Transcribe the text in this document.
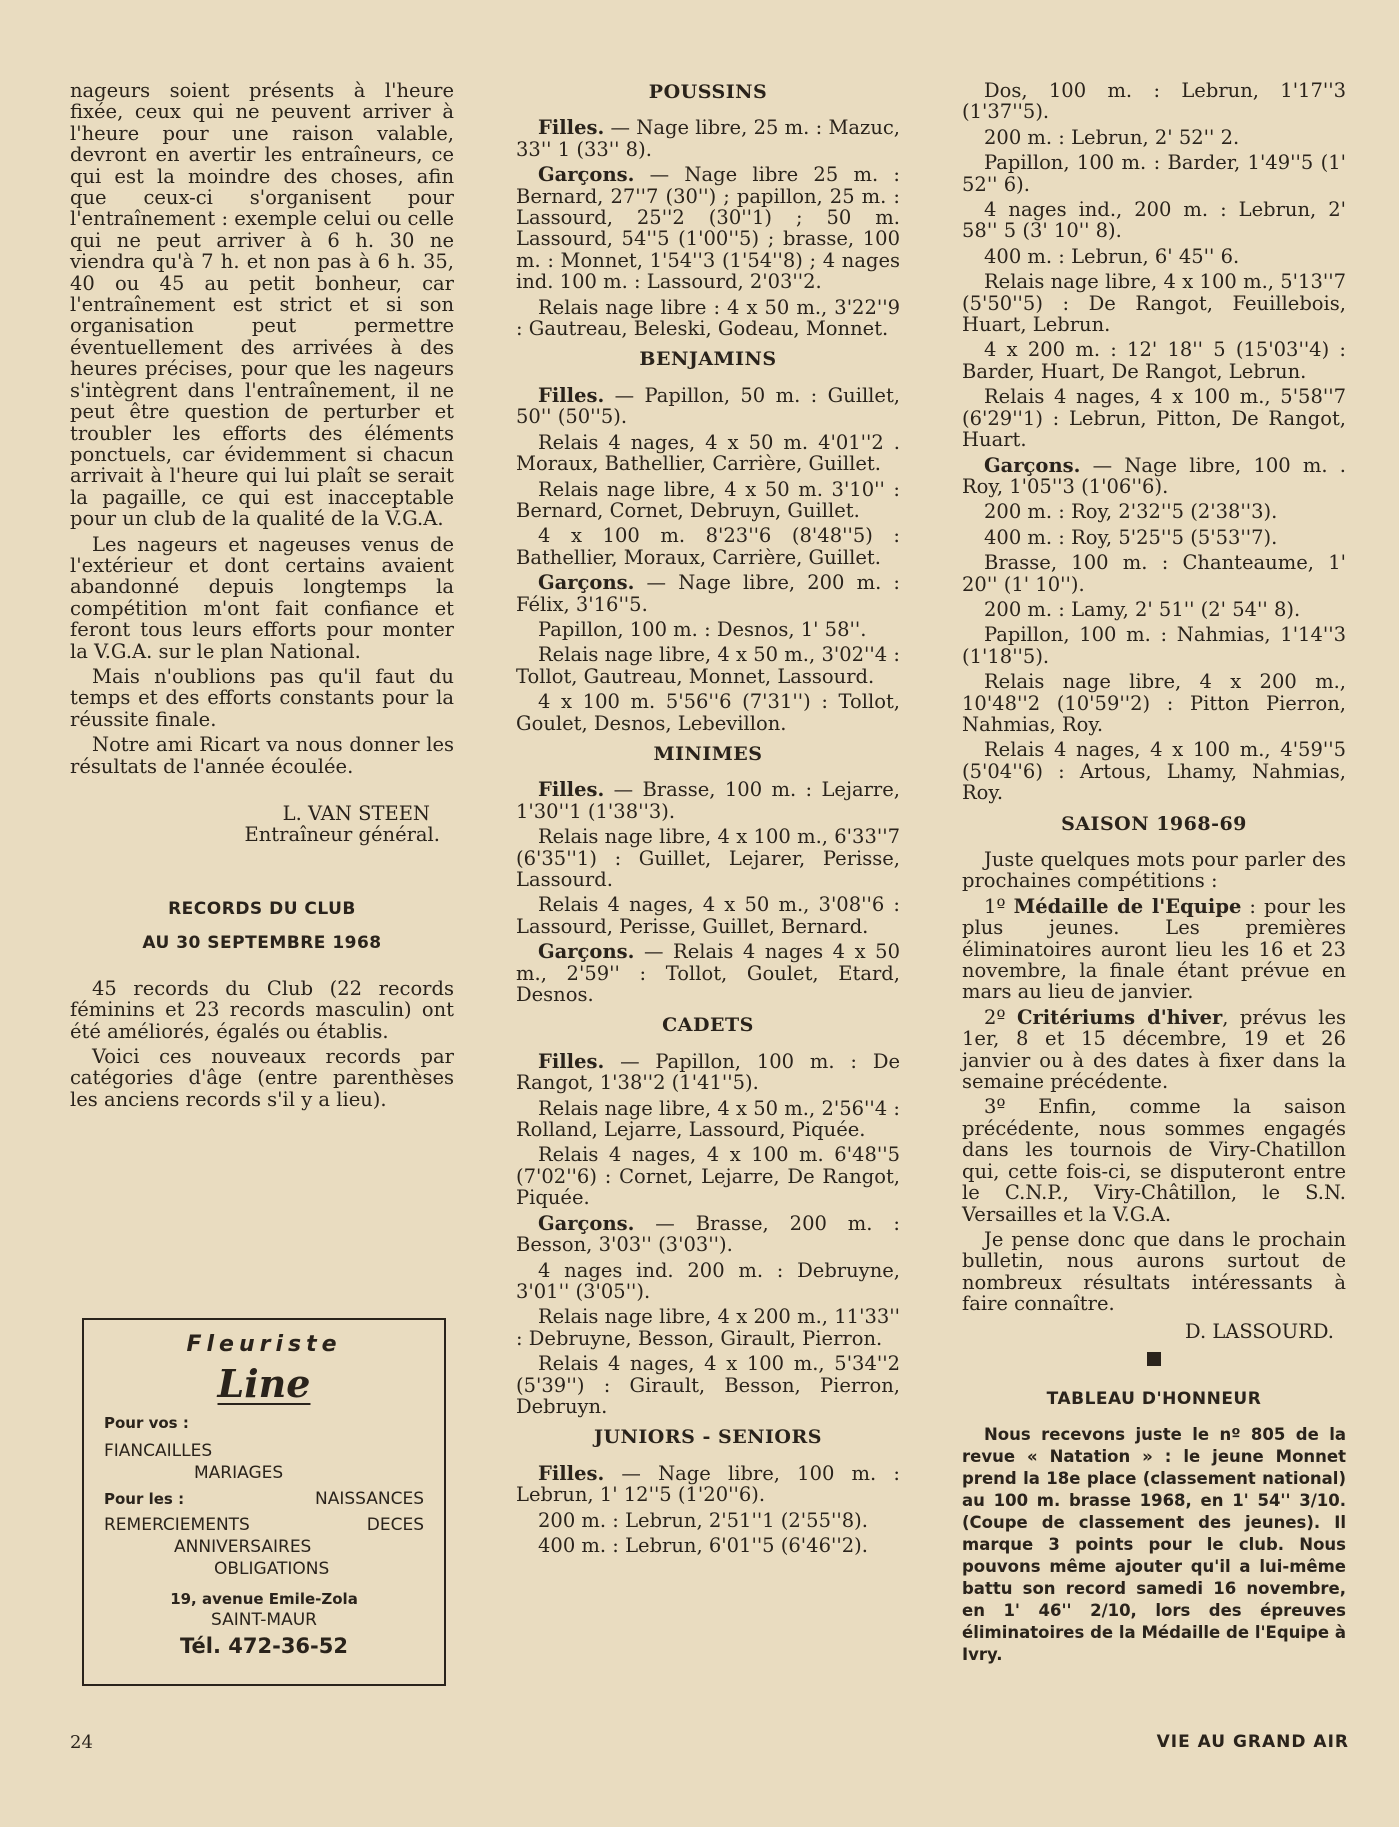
nageurs soient présents à l'heure fixée, ceux qui ne peuvent arriver à l'heure pour une raison valable, devront en avertir les entraîneurs, ce qui est la moindre des choses, afin que ceux-ci s'organisent pour l'entraînement : exemple celui ou celle qui ne peut arriver à 6 h. 30 ne viendra qu'à 7 h. et non pas à 6 h. 35, 40 ou 45 au petit bonheur, car l'entraînement est strict et si son organisation peut permettre éventuellement des arrivées à des heures précises, pour que les nageurs s'intègrent dans l'entraînement, il ne peut être question de perturber et troubler les efforts des éléments ponctuels, car évidemment si chacun arrivait à l'heure qui lui plaît se serait la pagaille, ce qui est inacceptable pour un club de la qualité de la V.G.A.

Les nageurs et nageuses venus de l'extérieur et dont certains avaient abandonné depuis longtemps la compétition m'ont fait confiance et feront tous leurs efforts pour monter la V.G.A. sur le plan National.

Mais n'oublions pas qu'il faut du temps et des efforts constants pour la réussite finale.

Notre ami Ricart va nous donner les résultats de l'année écoulée.

L. VAN STEEN
Entraîneur général.
RECORDS DU CLUB
AU 30 SEPTEMBRE 1968

45 records du Club (22 records féminins et 23 records masculin) ont été améliorés, égalés ou établis.

Voici ces nouveaux records par catégories d'âge (entre parenthèses les anciens records s'il y a lieu).

Fleuriste
Line
Pour vos :
FIANCAILLES
MARIAGES
Pour les :	NAISSANCES
REMERCIEMENTS	DECES
ANNIVERSAIRES
OBLIGATIONS
19, avenue Emile-Zola
SAINT-MAUR
Tél. 472-36-52
POUSSINS

Filles. — Nage libre, 25 m. : Mazuc, 33'' 1 (33'' 8).

Garçons. — Nage libre 25 m. : Bernard, 27''7 (30'') ; papillon, 25 m. : Lassourd, 25''2 (30''1) ; 50 m. Lassourd, 54''5 (1'00''5) ; brasse, 100 m. : Monnet, 1'54''3 (1'54''8) ; 4 nages ind. 100 m. : Lassourd, 2'03''2.

Relais nage libre : 4 x 50 m., 3'22''9 : Gautreau, Beleski, Godeau, Monnet.

BENJAMINS

Filles. — Papillon, 50 m. : Guillet, 50'' (50''5).

Relais 4 nages, 4 x 50 m. 4'01''2 . Moraux, Bathellier, Carrière, Guillet.

Relais nage libre, 4 x 50 m. 3'10'' : Bernard, Cornet, Debruyn, Guillet.

4 x 100 m. 8'23''6 (8'48''5) : Bathellier, Moraux, Carrière, Guillet.

Garçons. — Nage libre, 200 m. : Félix, 3'16''5.

Papillon, 100 m. : Desnos, 1' 58''.

Relais nage libre, 4 x 50 m., 3'02''4 : Tollot, Gautreau, Monnet, Lassourd.

4 x 100 m. 5'56''6 (7'31'') : Tollot, Goulet, Desnos, Lebevillon.

MINIMES

Filles. — Brasse, 100 m. : Lejarre, 1'30''1 (1'38''3).

Relais nage libre, 4 x 100 m., 6'33''7 (6'35''1) : Guillet, Lejarer, Perisse, Lassourd.

Relais 4 nages, 4 x 50 m., 3'08''6 : Lassourd, Perisse, Guillet, Bernard.

Garçons. — Relais 4 nages 4 x 50 m., 2'59'' : Tollot, Goulet, Etard, Desnos.

CADETS

Filles. — Papillon, 100 m. : De Rangot, 1'38''2 (1'41''5).

Relais nage libre, 4 x 50 m., 2'56''4 : Rolland, Lejarre, Lassourd, Piquée.

Relais 4 nages, 4 x 100 m. 6'48''5 (7'02''6) : Cornet, Lejarre, De Rangot, Piquée.

Garçons. — Brasse, 200 m. : Besson, 3'03'' (3'03'').

4 nages ind. 200 m. : Debruyne, 3'01'' (3'05'').

Relais nage libre, 4 x 200 m., 11'33'' : Debruyne, Besson, Girault, Pierron.

Relais 4 nages, 4 x 100 m., 5'34''2 (5'39'') : Girault, Besson, Pierron, Debruyn.

JUNIORS - SENIORS

Filles. — Nage libre, 100 m. : Lebrun, 1' 12''5 (1'20''6).

200 m. : Lebrun, 2'51''1 (2'55''8).

400 m. : Lebrun, 6'01''5 (6'46''2).

Dos, 100 m. : Lebrun, 1'17''3 (1'37''5).

200 m. : Lebrun, 2' 52'' 2.

Papillon, 100 m. : Barder, 1'49''5 (1' 52'' 6).

4 nages ind., 200 m. : Lebrun, 2' 58'' 5 (3' 10'' 8).

400 m. : Lebrun, 6' 45'' 6.

Relais nage libre, 4 x 100 m., 5'13''7 (5'50''5) : De Rangot, Feuillebois, Huart, Lebrun.

4 x 200 m. : 12' 18'' 5 (15'03''4) : Barder, Huart, De Rangot, Lebrun.

Relais 4 nages, 4 x 100 m., 5'58''7 (6'29''1) : Lebrun, Pitton, De Rangot, Huart.

Garçons. — Nage libre, 100 m. . Roy, 1'05''3 (1'06''6).

200 m. : Roy, 2'32''5 (2'38''3).

400 m. : Roy, 5'25''5 (5'53''7).

Brasse, 100 m. : Chanteaume, 1' 20'' (1' 10'').

200 m. : Lamy, 2' 51'' (2' 54'' 8).

Papillon, 100 m. : Nahmias, 1'14''3 (1'18''5).

Relais nage libre, 4 x 200 m., 10'48''2 (10'59''2) : Pitton Pierron, Nahmias, Roy.

Relais 4 nages, 4 x 100 m., 4'59''5 (5'04''6) : Artous, Lhamy, Nahmias, Roy.

SAISON 1968-69

Juste quelques mots pour parler des prochaines compétitions :

1º Médaille de l'Equipe : pour les plus jeunes. Les premières éliminatoires auront lieu les 16 et 23 novembre, la finale étant prévue en mars au lieu de janvier.

2º Critériums d'hiver, prévus les 1er, 8 et 15 décembre, 19 et 26 janvier ou à des dates à fixer dans la semaine précédente.

3º Enfin, comme la saison précédente, nous sommes engagés dans les tournois de Viry-Chatillon qui, cette fois-ci, se disputeront entre le C.N.P., Viry-Châtillon, le S.N. Versailles et la V.G.A.

Je pense donc que dans le prochain bulletin, nous aurons surtout de nombreux résultats intéressants à faire connaître.

D. LASSOURD.
TABLEAU D'HONNEUR

Nous recevons juste le nº 805 de la revue « Natation » : le jeune Monnet prend la 18e place (classement national) au 100 m. brasse 1968, en 1' 54'' 3/10. (Coupe de classement des jeunes). Il marque 3 points pour le club. Nous pouvons même ajouter qu'il a lui-même battu son record samedi 16 novembre, en 1' 46'' 2/10, lors des épreuves éliminatoires de la Médaille de l'Equipe à Ivry.

24	VIE AU GRAND AIR
